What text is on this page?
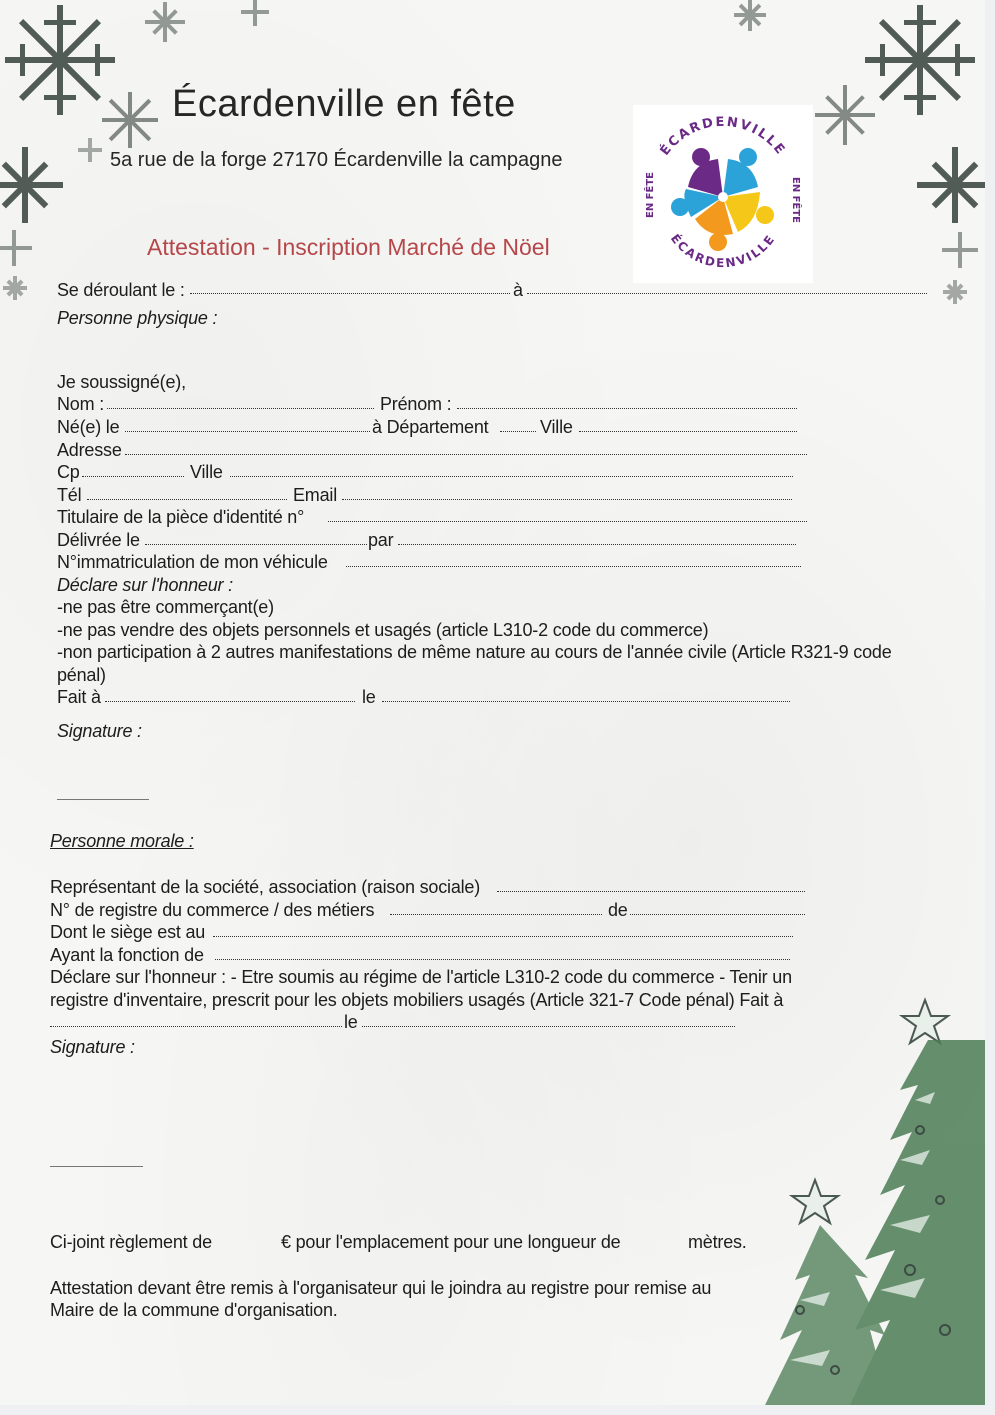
ÉCARDENVILLE
ÉCARDENVILLE
EN FÊTE
EN FÊTE
Écardenville en fête
5a rue de la forge 27170 Écardenville la campagne
Attestation - Inscription Marché de Nöel
Se déroulant le :	à
Personne physique :
Je soussigné(e),
Nom :	Prénom :
Né(e) le	à Département	Ville
Adresse
Cp	Ville
Tél	Email
Titulaire de la pièce d'identité n°
Délivrée le	par
N°immatriculation de mon véhicule
Déclare sur l'honneur :
-ne pas être commerçant(e)
-ne pas vendre des objets personnels et usagés (article L310-2 code du commerce)
-non participation à 2 autres manifestations de même nature au cours de l'année civile (Article R321-9 code
pénal)
Fait à	le
Signature :
Personne morale :
Représentant de la société, association (raison sociale)
N° de registre du commerce / des métiers	de
Dont le siège est au
Ayant la fonction de
Déclare sur l'honneur : - Etre soumis au régime de l'article L310-2 code du commerce - Tenir un
registre d'inventaire, prescrit pour les objets mobiliers usagés (Article 321-7 Code pénal) Fait à
le
Signature :
Ci-joint règlement de	€ pour l'emplacement pour une longueur de	mètres.
Attestation devant être remis à l'organisateur qui le joindra au registre pour remise au
Maire de la commune d'organisation.
